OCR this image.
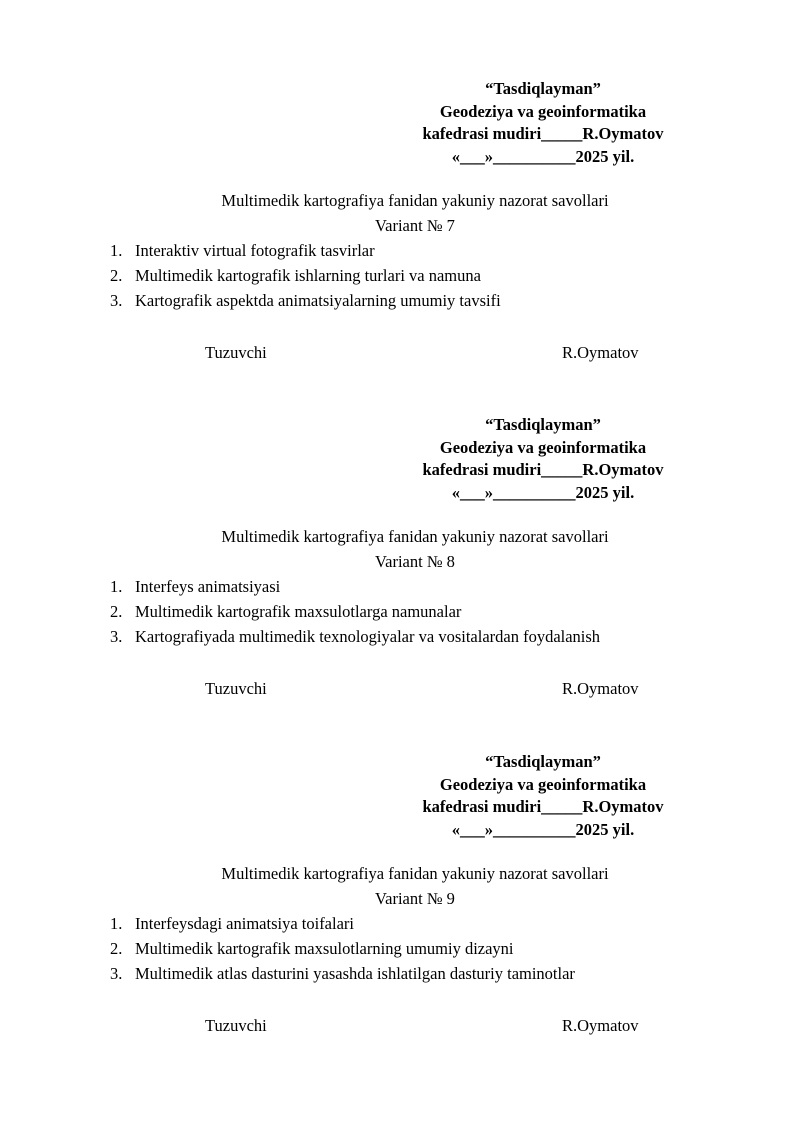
“Tasdiqlayman”
Geodeziya va geoinformatika
kafedrasi mudiri_____R.Oymatov
«___»__________2025 yil.
Multimedik kartografiya fanidan yakuniy nazorat savollari
Variant № 7
1. Interaktiv virtual fotografik tasvirlar
2. Multimedik kartografik ishlarning turlari va namuna
3. Kartografik aspektda animatsiyalarning umumiy tavsifi
Tuzuvchi	R.Oymatov
“Tasdiqlayman”
Geodeziya va geoinformatika
kafedrasi mudiri_____R.Oymatov
«___»__________2025 yil.
Multimedik kartografiya fanidan yakuniy nazorat savollari
Variant № 8
1. Interfeys animatsiyasi
2. Multimedik kartografik maxsulotlarga namunalar
3. Kartografiyada multimedik texnologiyalar va vositalardan foydalanish
Tuzuvchi	R.Oymatov
“Tasdiqlayman”
Geodeziya va geoinformatika
kafedrasi mudiri_____R.Oymatov
«___»__________2025 yil.
Multimedik kartografiya fanidan yakuniy nazorat savollari
Variant № 9
1. Interfeysdagi animatsiya toifalari
2. Multimedik kartografik maxsulotlarning umumiy dizayni
3. Multimedik atlas dasturini yasashda ishlatilgan dasturiy taminotlar
Tuzuvchi	R.Oymatov
